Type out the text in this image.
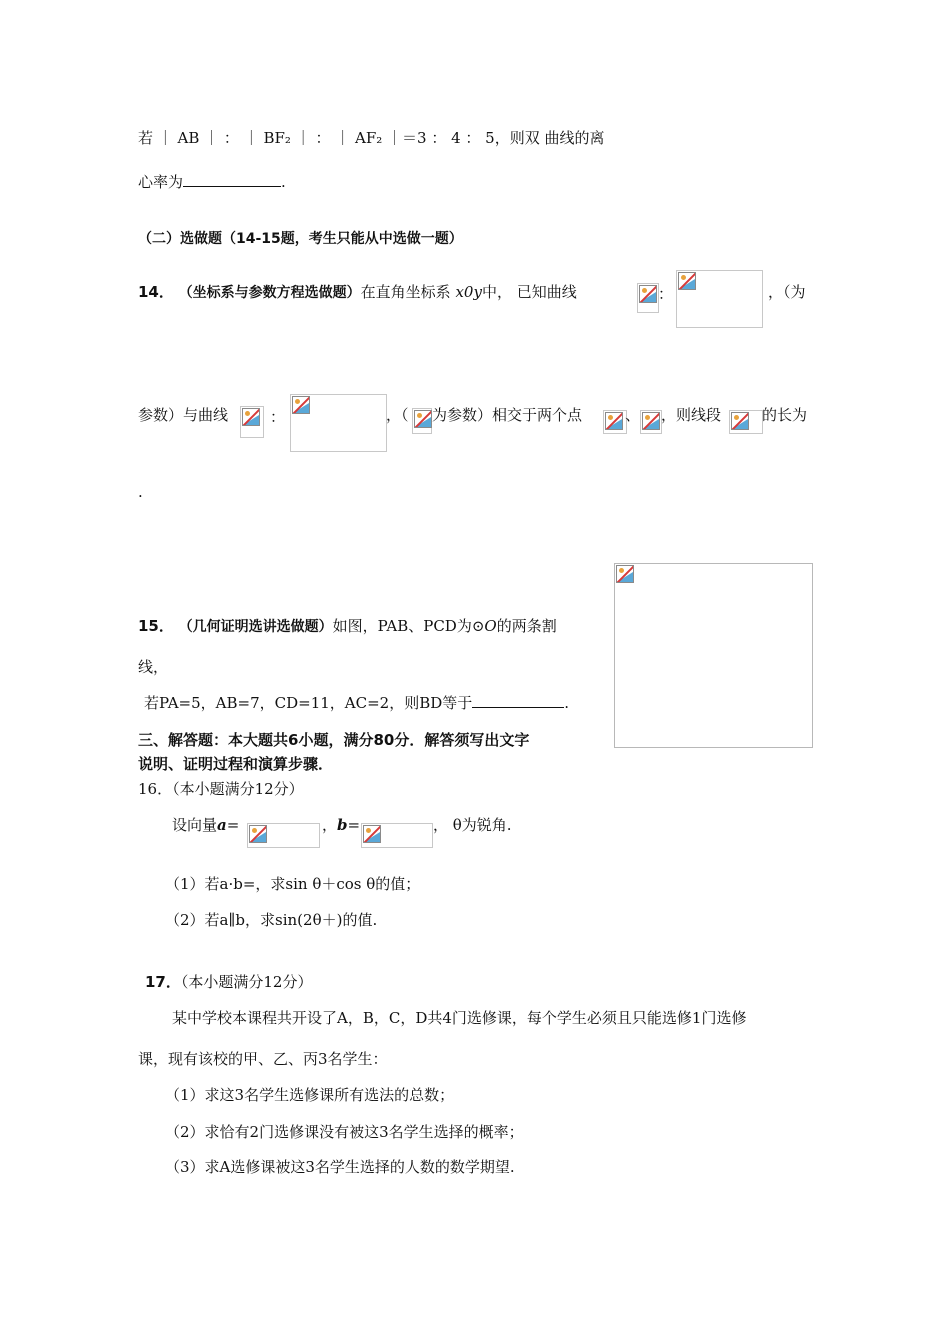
若 ｜ AB ｜ ： ｜ BF₂ ｜ ： ｜ AF₂ ｜＝3 ： 4 ： 5，则双 曲线的离
心率为	.
（二）选做题（14-15题，考生只能从中选做一题）
14． （坐标系与参数方程选做题）在直角坐标系 x0y中， 已知曲线	：	，（为
参数）与曲线	：	，（ 为参数）相交于两个点	、 ，则线段	的长为
.
15． （几何证明选讲选做题）如图，PAB、PCD为⊙O的两条割
线，
若PA=5，AB=7，CD=11，AC=2，则BD等于	.
三、解答题：本大题共6小题，满分80分．解答须写出文字
说明、证明过程和演算步骤．
16．（本小题满分12分）
设向量a=	，b=	， θ为锐角.
（1）若a·b=，求sin θ＋cos θ的值；
（2）若a∥b，求sin(2θ＋)的值.
17．（本小题满分12分）
某中学校本课程共开设了A，B，C，D共4门选修课，每个学生必须且只能选修1门选修
课，现有该校的甲、乙、丙3名学生：
（1）求这3名学生选修课所有选法的总数；
（2）求恰有2门选修课没有被这3名学生选择的概率；
（3）求A选修课被这3名学生选择的人数的数学期望.
